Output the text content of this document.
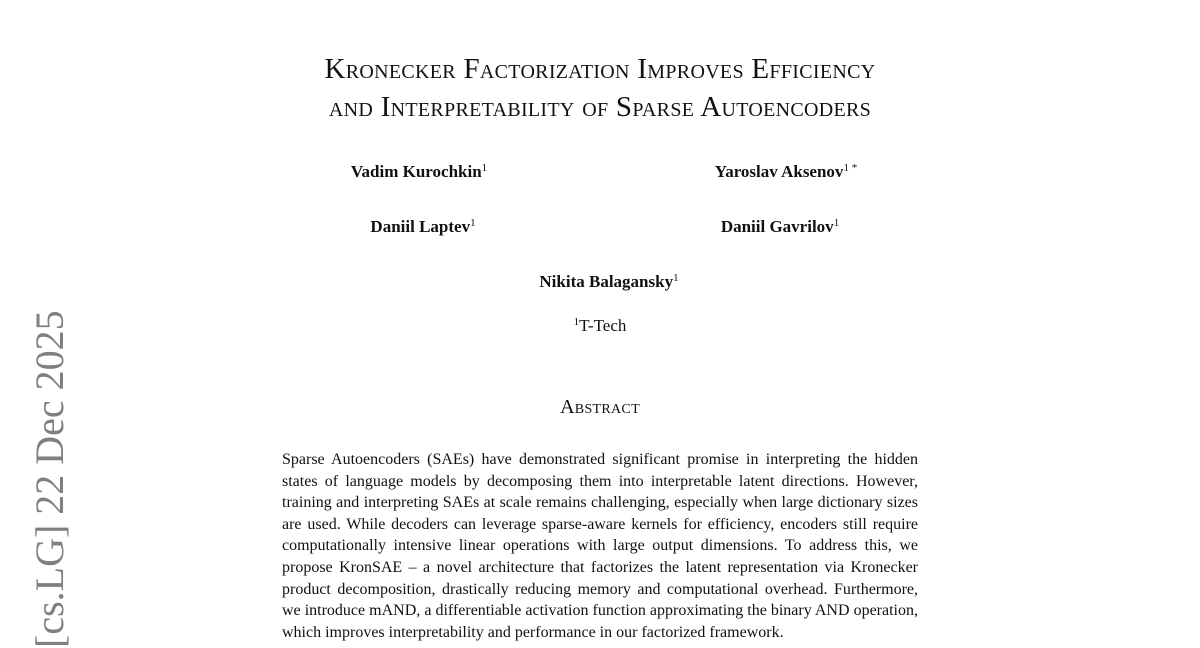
Kronecker Factorization Improves Efficiency
and Interpretability of Sparse Autoencoders
Vadim Kurochkin$^1$	Yaroslav Aksenov$^{1 *}$
Daniil Laptev$^1$	Daniil Gavrilov$^1$
Nikita Balagansky$^1$
$^1$T-Tech
Abstract

Sparse Autoencoders (SAEs) have demonstrated significant promise in interpreting the hidden states of language models by decomposing them into interpretable latent directions. However, training and interpreting SAEs at scale remains challenging, especially when large dictionary sizes are used. While decoders can leverage sparse-aware kernels for efficiency, encoders still require computationally intensive linear operations with large output dimensions. To address this, we propose KronSAE – a novel architecture that factorizes the latent representation via Kronecker product decomposition, drastically reducing memory and computational overhead. Furthermore, we introduce mAND, a differentiable activation function approximating the binary AND operation, which improves interpretability and performance in our factorized framework.

[cs.LG] 22 Dec 2025
